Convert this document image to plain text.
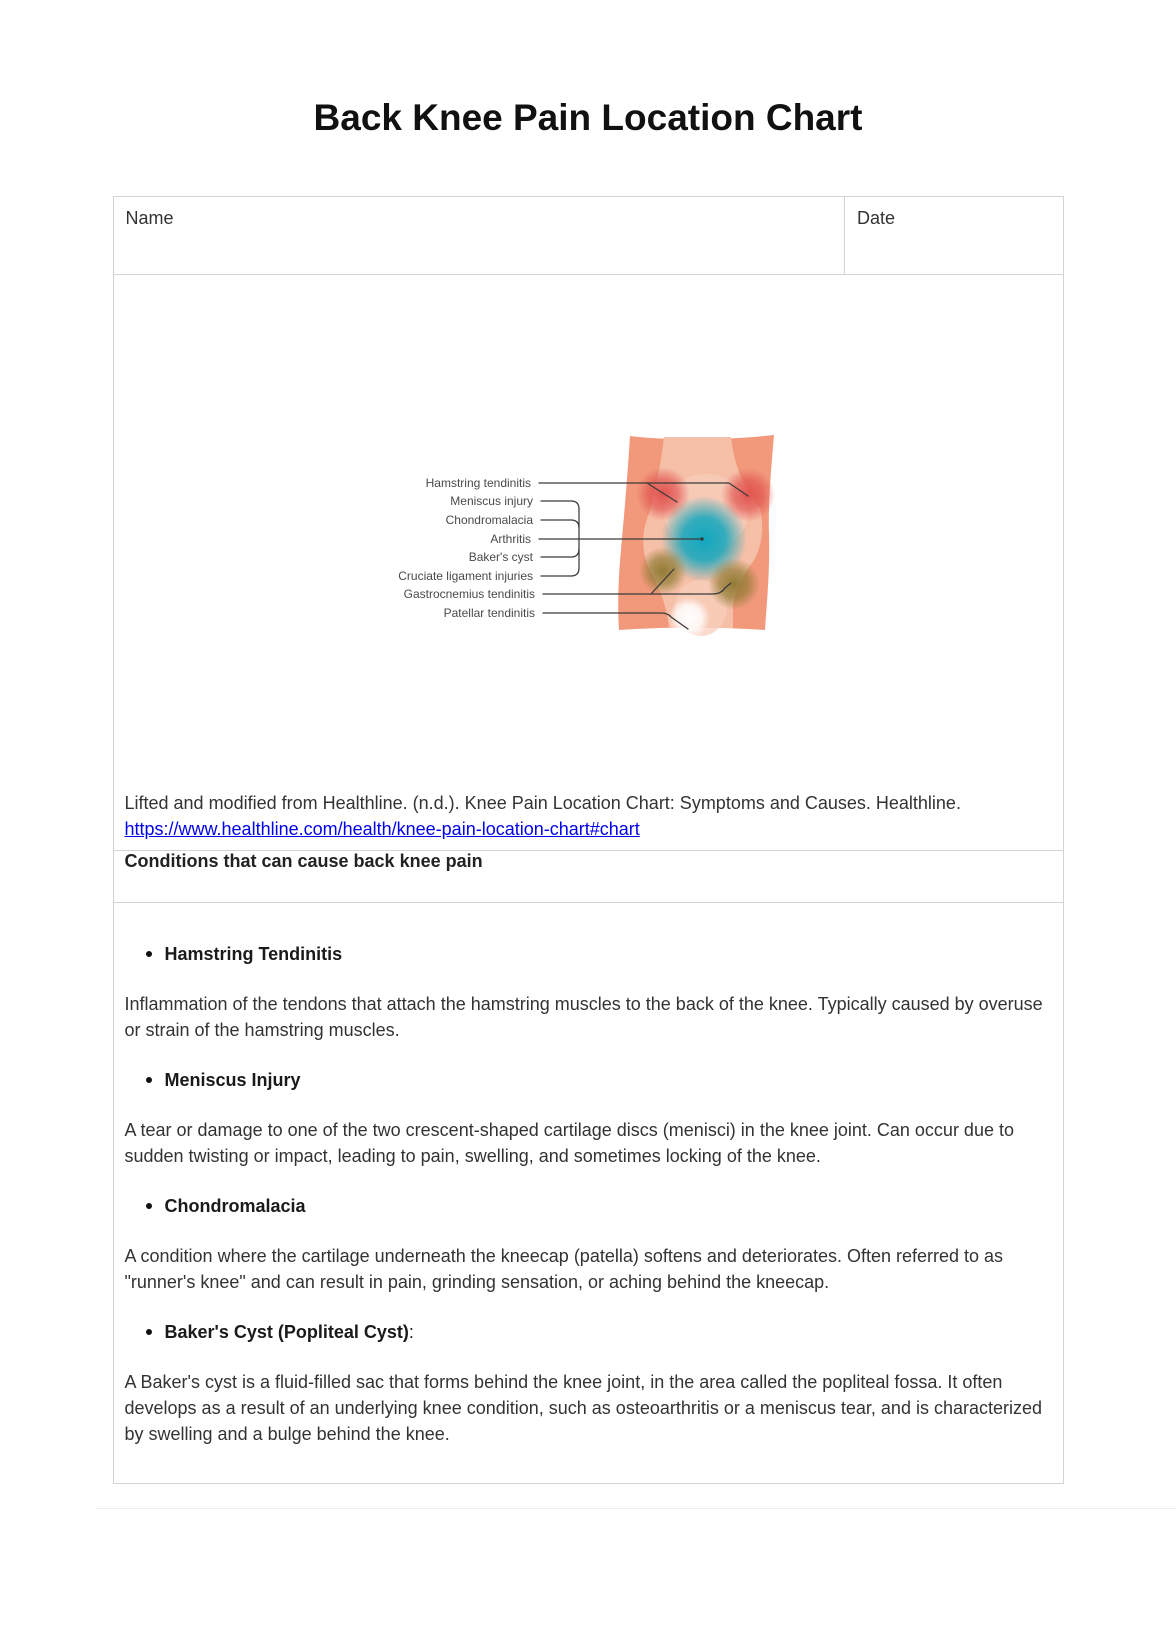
Back Knee Pain Location Chart
Name	Date

Hamstring tendinitis
Meniscus injury
Chondromalacia
Arthritis
Baker's cyst
Cruciate ligament injuries
Gastrocnemius tendinitis
Patellar tendinitis

Lifted and modified from Healthline. (n.d.). Knee Pain Location Chart: Symptoms and Causes. Healthline. https://www.healthline.com/health/knee-pain-location-chart#chart

Conditions that can cause back knee pain

Hamstring Tendinitis

Inflammation of the tendons that attach the hamstring muscles to the back of the knee. Typically caused by overuse or strain of the hamstring muscles.

Meniscus Injury

A tear or damage to one of the two crescent-shaped cartilage discs (menisci) in the knee joint. Can occur due to sudden twisting or impact, leading to pain, swelling, and sometimes locking of the knee.

Chondromalacia

A condition where the cartilage underneath the kneecap (patella) softens and deteriorates. Often referred to as "runner's knee" and can result in pain, grinding sensation, or aching behind the kneecap.

Baker's Cyst (Popliteal Cyst):

A Baker's cyst is a fluid-filled sac that forms behind the knee joint, in the area called the popliteal fossa. It often develops as a result of an underlying knee condition, such as osteoarthritis or a meniscus tear, and is characterized by swelling and a bulge behind the knee.
